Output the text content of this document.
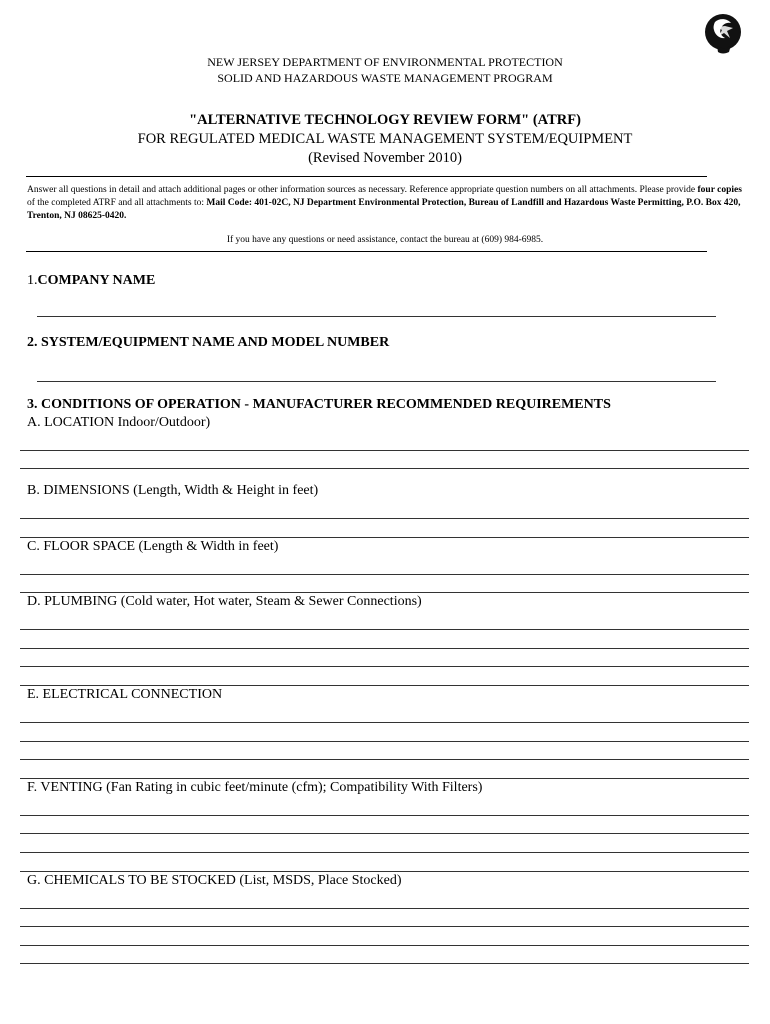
NEW JERSEY DEPARTMENT OF ENVIRONMENTAL PROTECTION
SOLID AND HAZARDOUS WASTE MANAGEMENT PROGRAM
"ALTERNATIVE TECHNOLOGY REVIEW FORM" (ATRF)
FOR REGULATED MEDICAL WASTE MANAGEMENT SYSTEM/EQUIPMENT
(Revised November 2010)
Answer all questions in detail and attach additional pages or other information sources as necessary. Reference appropriate question numbers on all attachments. Please provide four copies of the completed ATRF and all attachments to: Mail Code: 401-02C, NJ Department Environmental Protection, Bureau of Landfill and Hazardous Waste Permitting, P.O. Box 420, Trenton, NJ 08625-0420.
If you have any questions or need assistance, contact the bureau at (609) 984-6985.
1.COMPANY NAME
2. SYSTEM/EQUIPMENT NAME AND MODEL NUMBER
3. CONDITIONS OF OPERATION - MANUFACTURER RECOMMENDED REQUIREMENTS
A. LOCATION Indoor/Outdoor)
B. DIMENSIONS (Length, Width & Height in feet)
C. FLOOR SPACE (Length & Width in feet)
D. PLUMBING (Cold water, Hot water, Steam & Sewer Connections)
E. ELECTRICAL CONNECTION
F. VENTING (Fan Rating in cubic feet/minute (cfm); Compatibility With Filters)
G. CHEMICALS TO BE STOCKED (List, MSDS, Place Stocked)
